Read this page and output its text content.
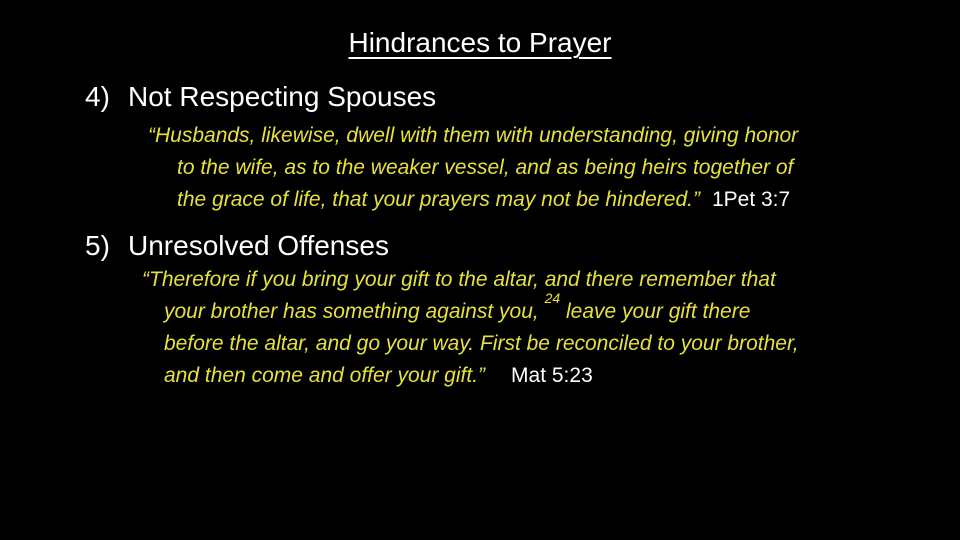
Hindrances to Prayer
4) Not Respecting Spouses
“Husbands, likewise, dwell with them with understanding, giving honor
to the wife, as to the weaker vessel, and as being heirs together of
the grace of life, that your prayers may not be hindered.” 1Pet 3:7
5) Unresolved Offenses
“Therefore if you bring your gift to the altar, and there remember that
your brother has something against you, $^{24}$ leave your gift there
before the altar, and go your way. First be reconciled to your brother,
and then come and offer your gift.” Mat 5:23
